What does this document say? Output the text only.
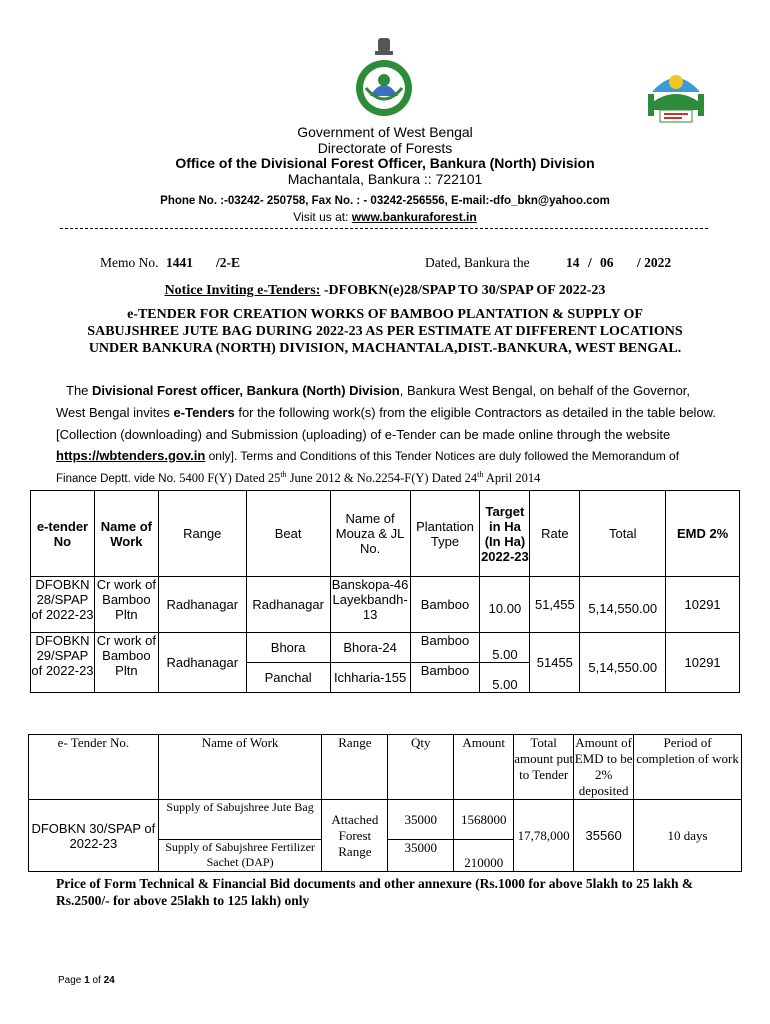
Government of West Bengal
Directorate of Forests
Office of the Divisional Forest Officer, Bankura (North) Division
Machantala, Bankura :: 722101
Phone No. :-03242- 250758, Fax No. : - 03242-256556, E-mail:-dfo_bkn@yahoo.com
Visit us at: www.bankuraforest.in
Memo No. 1441 /2-E	Dated, Bankura the	14 / 06 / 2022
Notice Inviting e-Tenders: -DFOBKN(e)28/SPAP TO 30/SPAP OF 2022-23
e-TENDER FOR CREATION WORKS OF BAMBOO PLANTATION & SUPPLY OF
SABUJSHREE JUTE BAG DURING 2022-23 AS PER ESTIMATE AT DIFFERENT LOCATIONS
UNDER BANKURA (NORTH) DIVISION, MACHANTALA,DIST.-BANKURA, WEST BENGAL.
The Divisional Forest officer, Bankura (North) Division, Bankura West Bengal, on behalf of the Governor,
West Bengal invites e-Tenders for the following work(s) from the eligible Contractors as detailed in the table below.
[Collection (downloading) and Submission (uploading) of e-Tender can be made online through the website
https://wbtenders.gov.in only]. Terms and Conditions of this Tender Notices are duly followed the Memorandum of
Finance Deptt. vide No. 5400 F(Y) Dated 25th June 2012 & No.2254-F(Y) Dated 24th April 2014
e-tender No	Name of Work	Range	Beat	Name of Mouza & JL No.	Plantation Type	Target in Ha (In Ha) 2022-23	Rate	Total	EMD 2%
DFOBKN 28/SPAP of 2022-23	Cr work of Bamboo Pltn	Radhanagar	Radhanagar	Banskopa-46 Layekbandh-13	Bamboo	10.00	51,455	5,14,550.00	10291
DFOBKN 29/SPAP of 2022-23	Cr work of Bamboo Pltn	Radhanagar	Bhora	Bhora-24	Bamboo	5.00	51455	5,14,550.00	10291
			Panchal	Ichharia-155	Bamboo	5.00			
e- Tender No.	Name of Work	Range	Qty	Amount	Total amount put to Tender	Amount of EMD to be 2% deposited	Period of completion of work
DFOBKN 30/SPAP of 2022-23	Supply of Sabujshree Jute Bag	Attached Forest Range	35000	1568000	17,78,000	35560	10 days
	Supply of Sabujshree Fertilizer Sachet (DAP)		35000	210000			
Price of Form Technical & Financial Bid documents and other annexure (Rs.1000 for above 5lakh to 25 lakh & Rs.2500/- for above 25lakh to 125 lakh) only
Page 1 of 24
